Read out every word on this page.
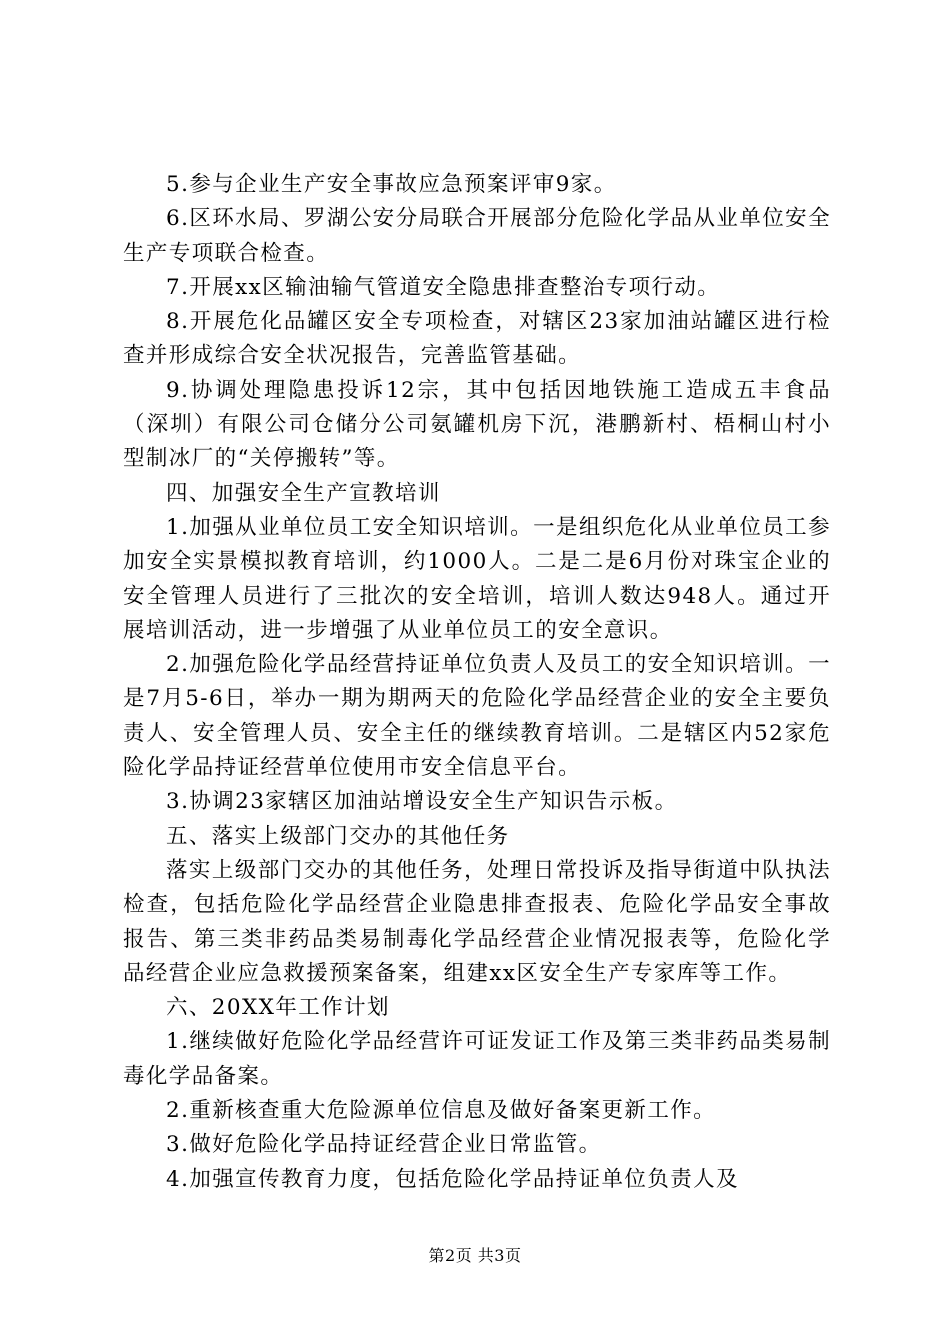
5.参与企业生产安全事故应急预案评审9家。

6.区环水局、罗湖公安分局联合开展部分危险化学品从业单位安全生产专项联合检查。

7.开展xx区输油输气管道安全隐患排查整治专项行动。

8.开展危化品罐区安全专项检查，对辖区23家加油站罐区进行检查并形成综合安全状况报告，完善监管基础。

9.协调处理隐患投诉12宗，其中包括因地铁施工造成五丰食品（深圳）有限公司仓储分公司氨罐机房下沉，港鹏新村、梧桐山村小型制冰厂的“关停搬转”等。

四、加强安全生产宣教培训

1.加强从业单位员工安全知识培训。一是组织危化从业单位员工参加安全实景模拟教育培训，约1000人。二是二是6月份对珠宝企业的安全管理人员进行了三批次的安全培训，培训人数达948人。通过开展培训活动，进一步增强了从业单位员工的安全意识。

2.加强危险化学品经营持证单位负责人及员工的安全知识培训。一是7月5-6日，举办一期为期两天的危险化学品经营企业的安全主要负责人、安全管理人员、安全主任的继续教育培训。二是辖区内52家危险化学品持证经营单位使用市安全信息平台。

3.协调23家辖区加油站增设安全生产知识告示板。

五、落实上级部门交办的其他任务

落实上级部门交办的其他任务，处理日常投诉及指导街道中队执法检查，包括危险化学品经营企业隐患排查报表、危险化学品安全事故报告、第三类非药品类易制毒化学品经营企业情况报表等，危险化学品经营企业应急救援预案备案，组建xx区安全生产专家库等工作。

六、20XX年工作计划

1.继续做好危险化学品经营许可证发证工作及第三类非药品类易制毒化学品备案。

2.重新核查重大危险源单位信息及做好备案更新工作。

3.做好危险化学品持证经营企业日常监管。

4.加强宣传教育力度，包括危险化学品持证单位负责人及

第2页 共3页
